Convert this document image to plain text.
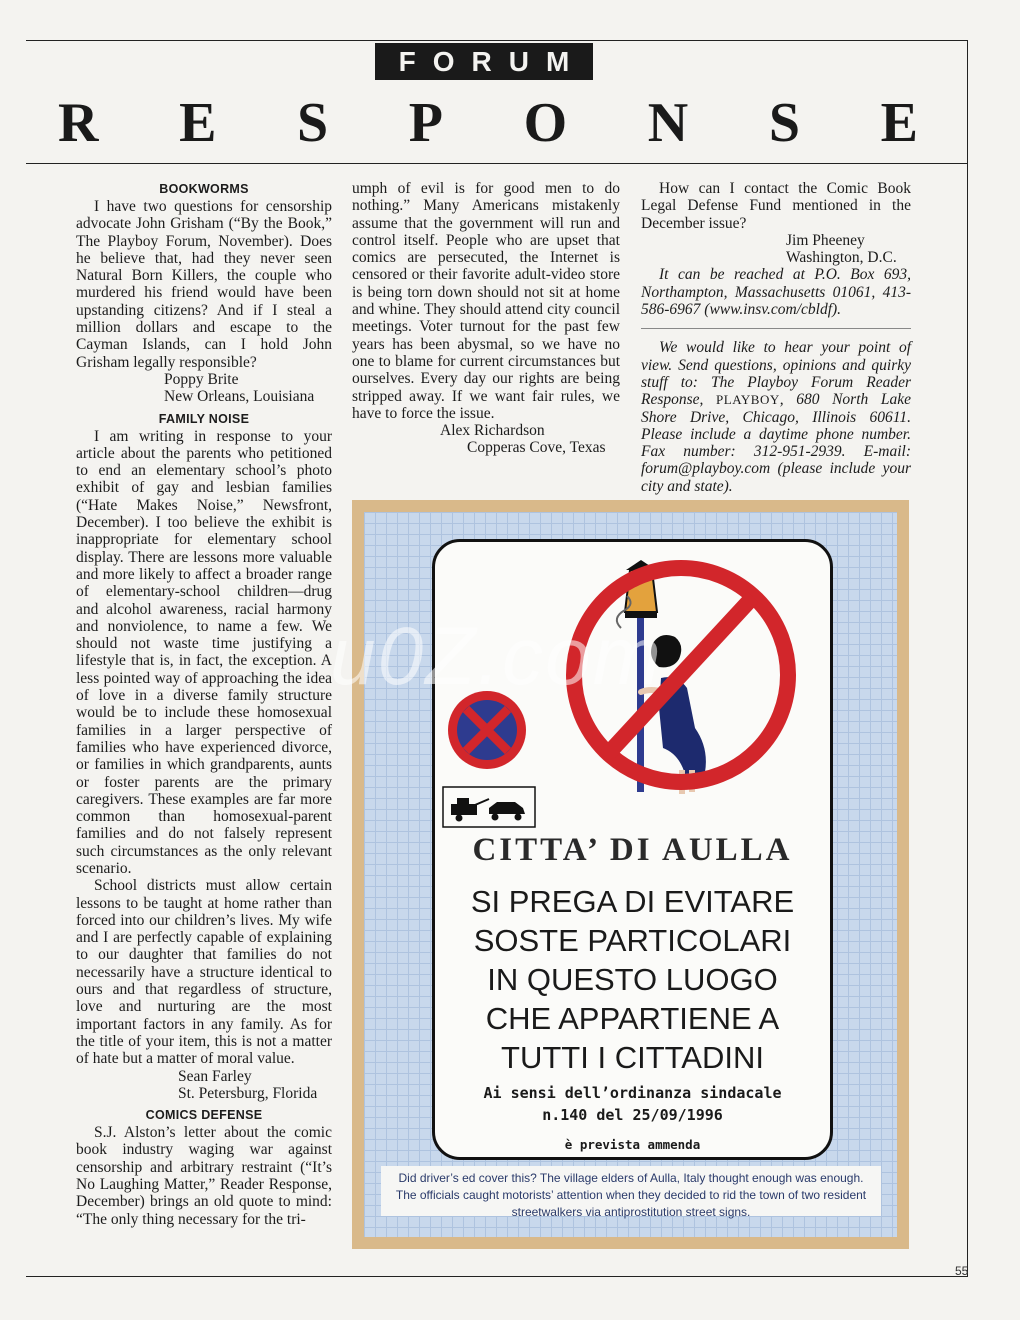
FORUM
R E S P O N S E
BOOKWORMS

I have two questions for censorship advocate John Grisham (“By the Book,” The Playboy Forum, November). Does he believe that, had they never seen Natural Born Killers, the couple who murdered his friend would have been upstanding citizens? And if I steal a million dollars and escape to the Cayman Islands, can I hold John Grisham legally responsible?

Poppy Brite
New Orleans, Louisiana
FAMILY NOISE

I am writing in response to your article about the parents who petitioned to end an elementary school’s photo exhibit of gay and lesbian families (“Hate Makes Noise,” Newsfront, December). I too believe the exhibit is inappropriate for elementary school display. There are lessons more valuable and more likely to affect a broader range of elementary-school children—drug and alcohol awareness, racial harmony and nonviolence, to name a few. We should not waste time justifying a lifestyle that is, in fact, the exception. A less pointed way of approaching the idea of love in a diverse family structure would be to include these homosexual families in a larger perspective of families who have experienced divorce, or families in which grandparents, aunts or foster parents are the primary caregivers. These examples are far more common than homosexual-parent families and do not falsely represent such circumstances as the only relevant scenario.

School districts must allow certain lessons to be taught at home rather than forced into our children’s lives. My wife and I are perfectly capable of explaining to our daughter that families do not necessarily have a structure identical to ours and that regardless of structure, love and nurturing are the most important factors in any family. As for the title of your item, this is not a matter of hate but a matter of moral value.

Sean Farley
St. Petersburg, Florida
COMICS DEFENSE

S.J. Alston’s letter about the comic book industry waging war against censorship and arbitrary restraint (“It’s No Laughing Matter,” Reader Response, December) brings an old quote to mind: “The only thing necessary for the tri-

umph of evil is for good men to do nothing.” Many Americans mistakenly assume that the government will run and control itself. People who are upset that comics are persecuted, the Internet is censored or their favorite adult-video store is being torn down should not sit at home and whine. They should attend city council meetings. Voter turnout for the past few years has been abysmal, so we have no one to blame for current circumstances but ourselves. Every day our rights are being stripped away. If we want fair rules, we have to force the issue.

Alex Richardson
Copperas Cove, Texas

How can I contact the Comic Book Legal Defense Fund mentioned in the December issue?

Jim Pheeney
Washington, D.C.

It can be reached at P.O. Box 693, Northampton, Massachusetts 01061, 413-586-6967 (www.insv.com/cbldf).

We would like to hear your point of view. Send questions, opinions and quirky stuff to: The Playboy Forum Reader Response, PLAYBOY, 680 North Lake Shore Drive, Chicago, Illinois 60611. Please include a daytime phone number. Fax number: 312-951-2939. E-mail: forum@playboy.com (please include your city and state).

CITTA’ DI AULLA
SI PREGA DI EVITARE
SOSTE PARTICOLARI
IN QUESTO LUOGO
CHE APPARTIENE A
TUTTI I CITTADINI
Ai sensi dell’ordinanza sindacale
n.140 del 25/09/1996
è prevista ammenda
Did driver’s ed cover this? The village elders of Aulla, Italy thought enough was enough. The officials caught motorists’ attention when they decided to rid the town of two resident streetwalkers via antiprostitution street signs.
u0Z.com
55
